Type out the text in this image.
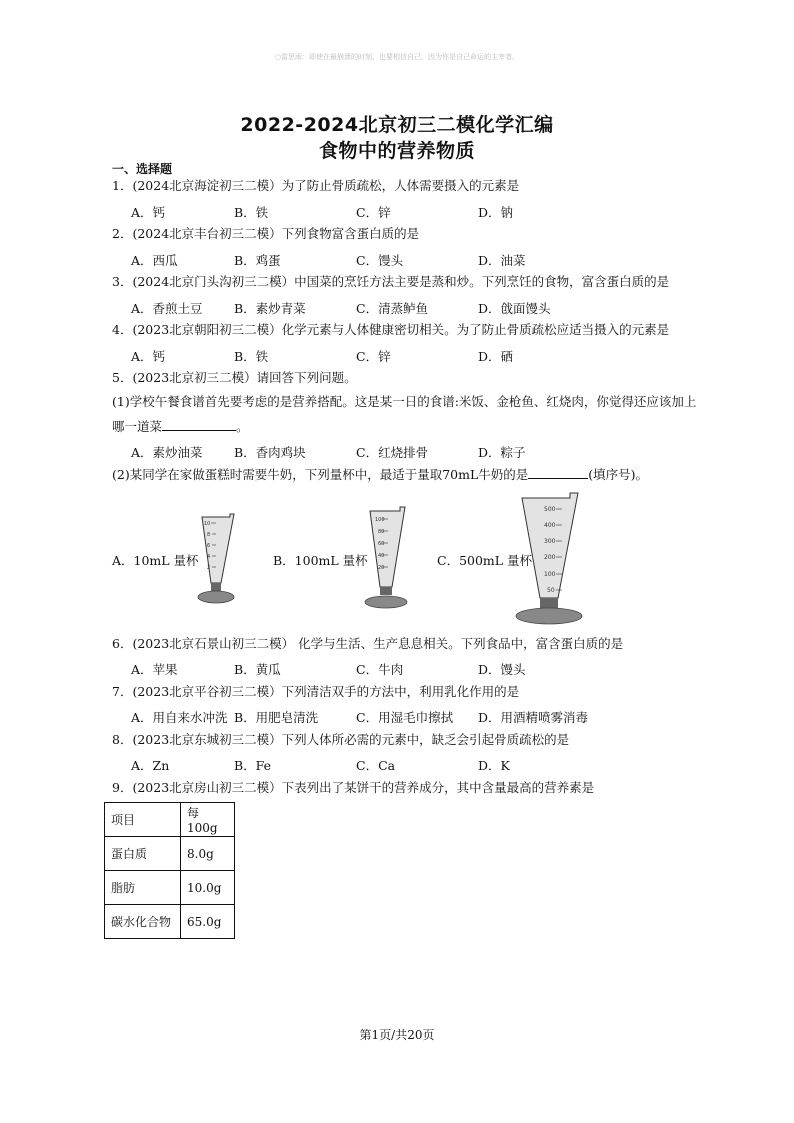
○雷思雨：即使在最崩溃的时刻，也要相信自己，因为你是自己命运的主宰者。
2022-2024北京初三二模化学汇编
食物中的营养物质
一、选择题
1．(2024北京海淀初三二模）为了防止骨质疏松，人体需要摄入的元素是
A．钙	B．铁	C．锌	D．钠
2．(2024北京丰台初三二模）下列食物富含蛋白质的是
A．西瓜	B．鸡蛋	C．馒头	D．油菜
3．(2024北京门头沟初三二模）中国菜的烹饪方法主要是蒸和炒。下列烹饪的食物，富含蛋白质的是
A．香煎土豆	B．素炒青菜	C．清蒸鲈鱼	D．戗面馒头
4．(2023北京朝阳初三二模）化学元素与人体健康密切相关。为了防止骨质疏松应适当摄入的元素是
A．钙	B．铁	C．锌	D．硒
5．(2023北京初三二模）请回答下列问题。
(1)学校午餐食谱首先要考虑的是营养搭配。这是某一日的食谱:米饭、金枪鱼、红烧肉，你觉得还应该加上
哪一道菜	。
A．素炒油菜	B．香肉鸡块	C．红烧排骨	D．粽子
(2)某同学在家做蛋糕时需要牛奶，下列量杯中，最适于量取70mL牛奶的是	(填序号)。
A．10mL 量杯
10
8
6
4
2	B．100mL 量杯
100
80
60
40
20	C．500mL 量杯
500
400
300
200
100
50
6．(2023北京石景山初三二模） 化学与生活、生产息息相关。下列食品中，富含蛋白质的是
A．苹果	B．黄瓜	C．牛肉	D．馒头
7．(2023北京平谷初三二模）下列清洁双手的方法中，利用乳化作用的是
A．用自来水冲洗 B．用肥皂清洗	C．用湿毛巾擦拭 D．用酒精喷雾消毒
8．(2023北京东城初三二模）下列人体所必需的元素中，缺乏会引起骨质疏松的是
A．Zn	B．Fe	C．Ca	D．K
9．(2023北京房山初三二模）下表列出了某饼干的营养成分，其中含量最高的营养素是
项目	每100g
蛋白质	8.0g
脂肪	10.0g
碳水化合物	65.0g
第1页/共20页
